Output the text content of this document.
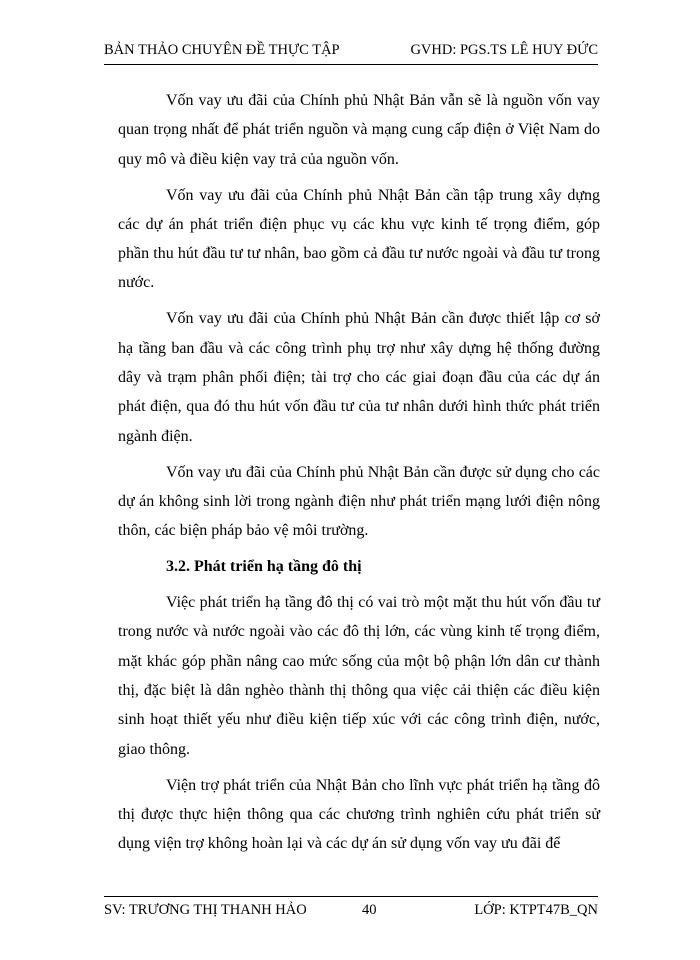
BẢN THẢO CHUYÊN ĐỀ THỰC TẬP	GVHD: PGS.TS LÊ HUY ĐỨC

Vốn vay ưu đãi của Chính phủ Nhật Bản vẫn sẽ là nguồn vốn vay quan trọng nhất để phát triển nguồn và mạng cung cấp điện ở Việt Nam do quy mô và điều kiện vay trả của nguồn vốn.

Vốn vay ưu đãi của Chính phủ Nhật Bản cần tập trung xây dựng các dự án phát triển điện phục vụ các khu vực kinh tế trọng điểm, góp phần thu hút đầu tư tư nhân, bao gồm cả đầu tư nước ngoài và đầu tư trong nước.

Vốn vay ưu đãi của Chính phủ Nhật Bản cần được thiết lập cơ sở hạ tầng ban đầu và các công trình phụ trợ như xây dựng hệ thống đường dây và trạm phân phối điện; tài trợ cho các giai đoạn đầu của các dự án phát điện, qua đó thu hút vốn đầu tư của tư nhân dưới hình thức phát triển ngành điện.

Vốn vay ưu đãi của Chính phủ Nhật Bản cần được sử dụng cho các dự án không sinh lời trong ngành điện như phát triển mạng lưới điện nông thôn, các biện pháp bảo vệ môi trường.

3.2. Phát triển hạ tầng đô thị

Việc phát triển hạ tầng đô thị có vai trò một mặt thu hút vốn đầu tư trong nước và nước ngoài vào các đô thị lớn, các vùng kinh tế trọng điểm, mặt khác góp phần nâng cao mức sống của một bộ phận lớn dân cư thành thị, đặc biệt là dân nghèo thành thị thông qua việc cải thiện các điều kiện sinh hoạt thiết yếu như điều kiện tiếp xúc với các công trình điện, nước, giao thông.

Viện trợ phát triển của Nhật Bản cho lĩnh vực phát triển hạ tầng đô thị được thực hiện thông qua các chương trình nghiên cứu phát triển sử dụng viện trợ không hoàn lại và các dự án sử dụng vốn vay ưu đãi để

SV: TRƯƠNG THỊ THANH HẢO	40	LỚP: KTPT47B_QN
